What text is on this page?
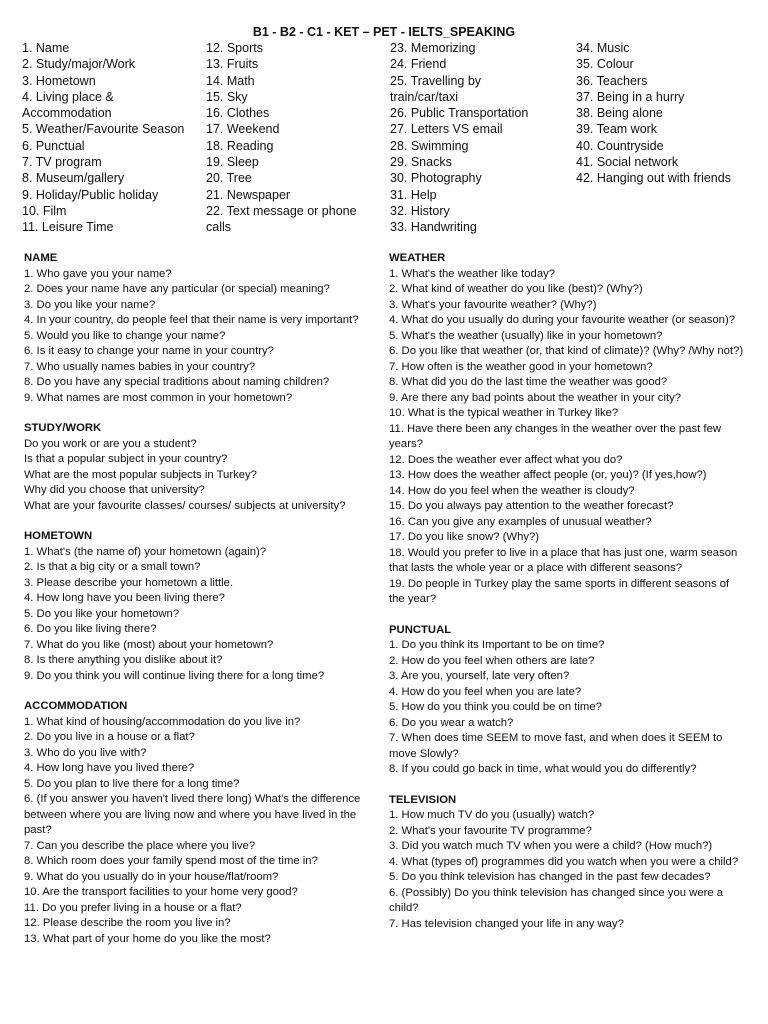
B1 - B2 - C1 - KET – PET - IELTS_SPEAKING
1. Name
2. Study/major/Work
3. Hometown
4. Living place &
Accommodation
5. Weather/Favourite Season
6. Punctual
7. TV program
8. Museum/gallery
9. Holiday/Public holiday
10. Film
11. Leisure Time
12. Sports
13. Fruits
14. Math
15. Sky
16. Clothes
17. Weekend
18. Reading
19. Sleep
20. Tree
21. Newspaper
22. Text message or phone
calls
23. Memorizing
24. Friend
25. Travelling by
train/car/taxi
26. Public Transportation
27. Letters VS email
28. Swimming
29. Snacks
30. Photography
31. Help
32. History
33. Handwriting
34. Music
35. Colour
36. Teachers
37. Being in a hurry
38. Being alone
39. Team work
40. Countryside
41. Social network
42. Hanging out with friends
NAME
1. Who gave you your name?
2. Does your name have any particular (or special) meaning?
3. Do you like your name?
4. In your country, do people feel that their name is very important?
5. Would you like to change your name?
6. Is it easy to change your name in your country?
7. Who usually names babies in your country?
8. Do you have any special traditions about naming children?
9. What names are most common in your hometown?
STUDY/WORK
Do you work or are you a student?
Is that a popular subject in your country?
What are the most popular subjects in Turkey?
Why did you choose that university?
What are your favourite classes/ courses/ subjects at university?
HOMETOWN
1. What's (the name of) your hometown (again)?
2. Is that a big city or a small town?
3. Please describe your hometown a little.
4. How long have you been living there?
5. Do you like your hometown?
6. Do you like living there?
7. What do you like (most) about your hometown?
8. Is there anything you dislike about it?
9. Do you think you will continue living there for a long time?
ACCOMMODATION
1. What kind of housing/accommodation do you live in?
2. Do you live in a house or a flat?
3. Who do you live with?
4. How long have you lived there?
5. Do you plan to live there for a long time?
6. (If you answer you haven't lived there long) What's the difference between where you are living now and where you have lived in the past?
7. Can you describe the place where you live?
8. Which room does your family spend most of the time in?
9. What do you usually do in your house/flat/room?
10. Are the transport facilities to your home very good?
11. Do you prefer living in a house or a flat?
12. Please describe the room you live in?
13. What part of your home do you like the most?
WEATHER
1. What's the weather like today?
2. What kind of weather do you like (best)? (Why?)
3. What's your favourite weather? (Why?)
4. What do you usually do during your favourite weather (or season)?
5. What's the weather (usually) like in your hometown?
6. Do you like that weather (or, that kind of climate)? (Why? /Why not?)
7. How often is the weather good in your hometown?
8. What did you do the last time the weather was good?
9. Are there any bad points about the weather in your city?
10. What is the typical weather in Turkey like?
11. Have there been any changes in the weather over the past few years?
12. Does the weather ever affect what you do?
13. How does the weather affect people (or, you)? (If yes,how?)
14. How do you feel when the weather is cloudy?
15. Do you always pay attention to the weather forecast?
16. Can you give any examples of unusual weather?
17. Do you like snow? (Why?)
18. Would you prefer to live in a place that has just one, warm season that lasts the whole year or a place with different seasons?
19. Do people in Turkey play the same sports in different seasons of the year?
PUNCTUAL
1. Do you think its Important to be on time?
2. How do you feel when others are late?
3. Are you, yourself, late very often?
4. How do you feel when you are late?
5. How do you think you could be on time?
6. Do you wear a watch?
7. When does time SEEM to move fast, and when does it SEEM to move Slowly?
8. If you could go back in time, what would you do differently?
TELEVISION
1. How much TV do you (usually) watch?
2. What's your favourite TV programme?
3. Did you watch much TV when you were a child? (How much?)
4. What (types of) programmes did you watch when you were a child?
5. Do you think television has changed in the past few decades?
6. (Possibly) Do you think television has changed since you were a child?
7. Has television changed your life in any way?
